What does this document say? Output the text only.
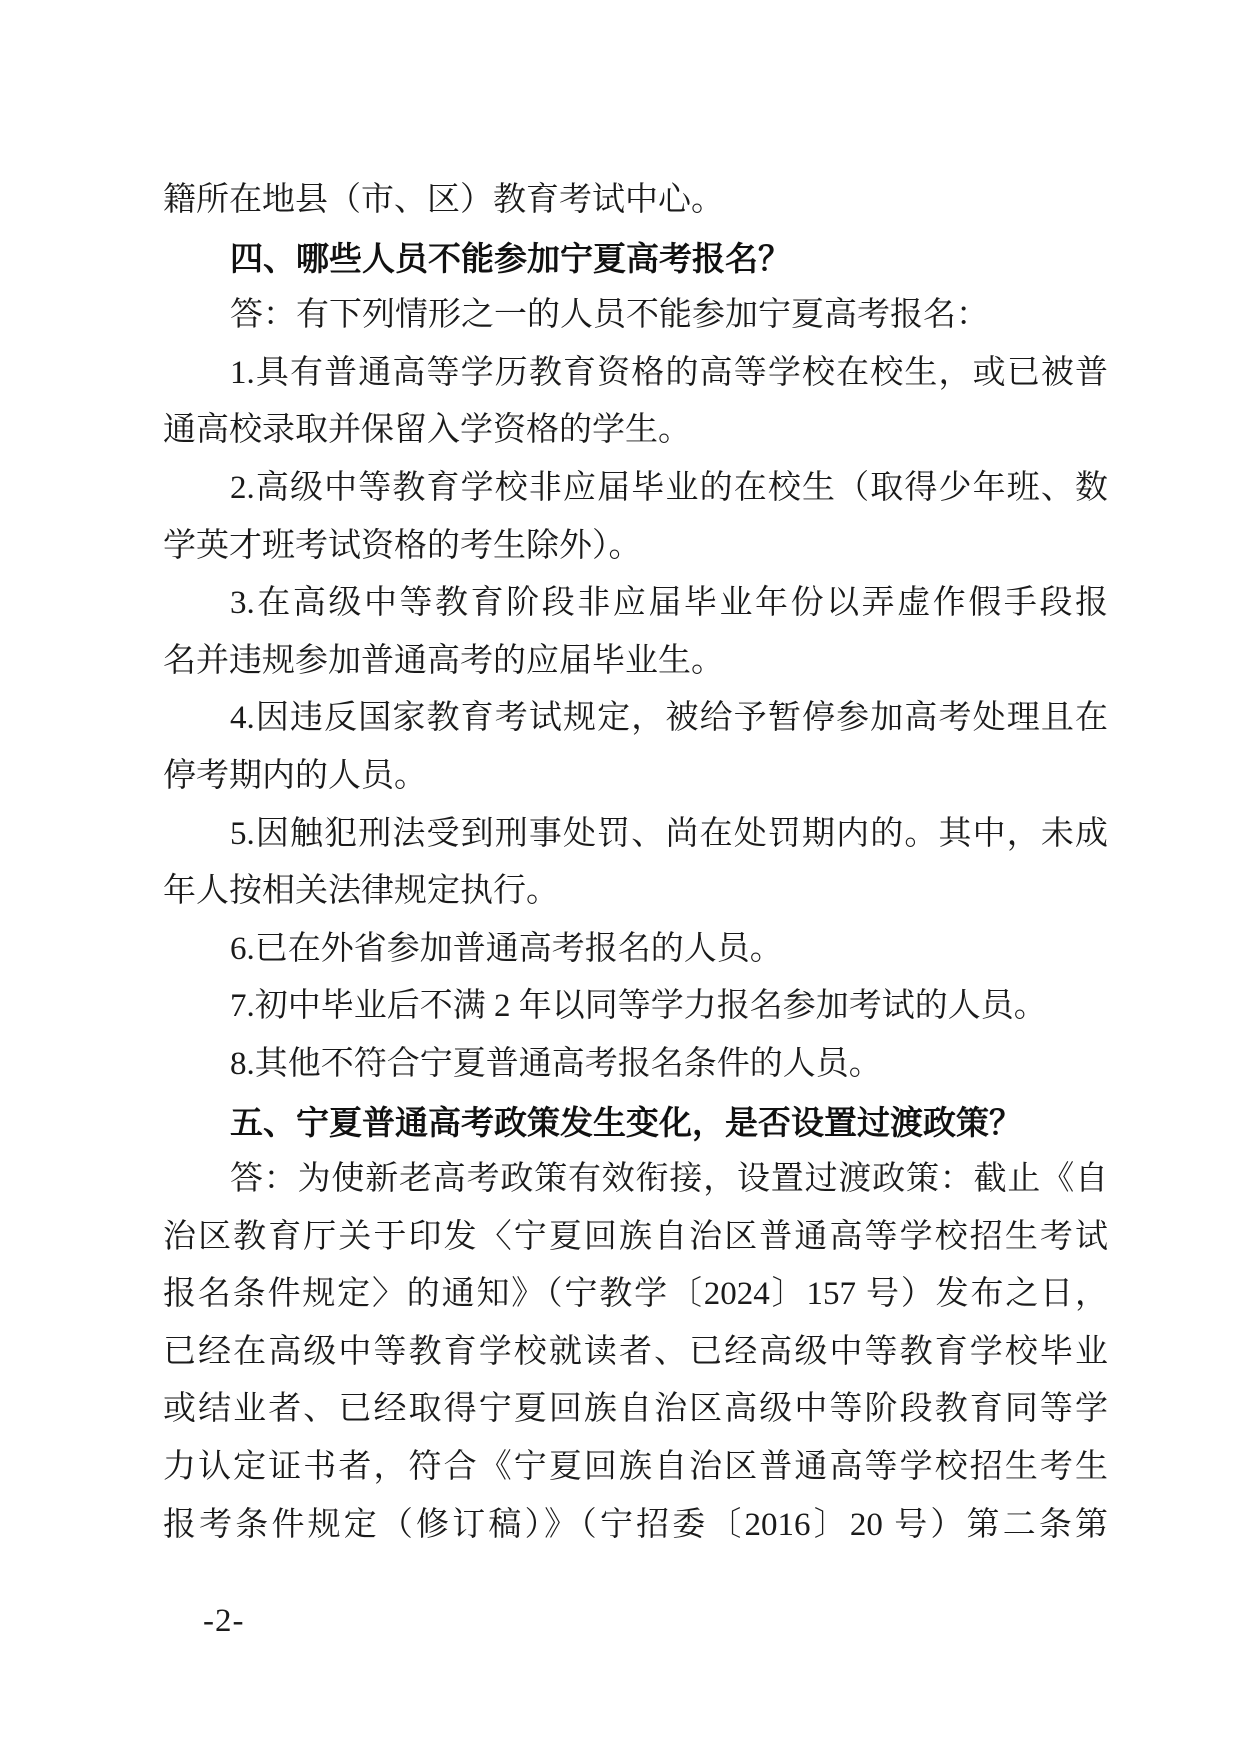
籍所在地县（市、区）教育考试中心。
四、哪些人员不能参加宁夏高考报名？
答：有下列情形之一的人员不能参加宁夏高考报名：
1.具有普通高等学历教育资格的高等学校在校生，或已被普
通高校录取并保留入学资格的学生。
2.高级中等教育学校非应届毕业的在校生（取得少年班、数
学英才班考试资格的考生除外）。
3.在高级中等教育阶段非应届毕业年份以弄虚作假手段报
名并违规参加普通高考的应届毕业生。
4.因违反国家教育考试规定，被给予暂停参加高考处理且在
停考期内的人员。
5.因触犯刑法受到刑事处罚、尚在处罚期内的。其中，未成
年人按相关法律规定执行。
6.已在外省参加普通高考报名的人员。
7.初中毕业后不满 2 年以同等学力报名参加考试的人员。
8.其他不符合宁夏普通高考报名条件的人员。
五、宁夏普通高考政策发生变化，是否设置过渡政策？
答：为使新老高考政策有效衔接，设置过渡政策：截止《自
治区教育厅关于印发〈宁夏回族自治区普通高等学校招生考试
报名条件规定〉的通知》（宁教学〔2024〕157 号）发布之日，
已经在高级中等教育学校就读者、已经高级中等教育学校毕业
或结业者、已经取得宁夏回族自治区高级中等阶段教育同等学
力认定证书者，符合《宁夏回族自治区普通高等学校招生考生
报考条件规定（修订稿）》（宁招委〔2016〕20 号）第二条第
-2-
